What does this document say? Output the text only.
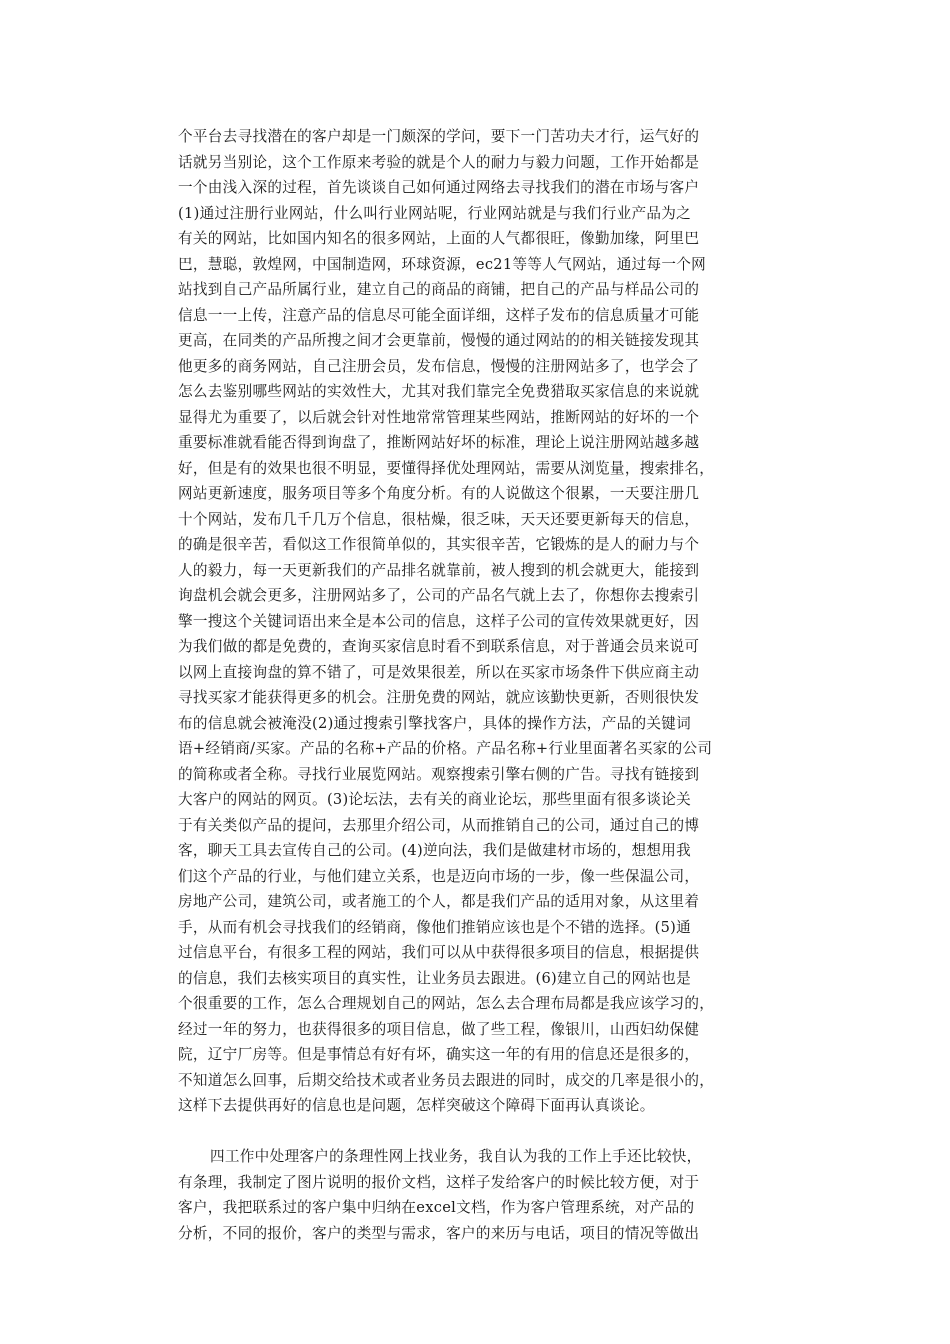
个平台去寻找潜在的客户却是一门颇深的学问，要下一门苦功夫才行，运气好的
话就另当别论，这个工作原来考验的就是个人的耐力与毅力问题，工作开始都是
一个由浅入深的过程，首先谈谈自己如何通过网络去寻找我们的潜在市场与客户
(1)通过注册行业网站，什么叫行业网站呢，行业网站就是与我们行业产品为之
有关的网站，比如国内知名的很多网站，上面的人气都很旺，像勤加缘，阿里巴
巴，慧聪，敦煌网，中国制造网，环球资源，ec21等等人气网站，通过每一个网
站找到自己产品所属行业，建立自己的商品的商铺，把自己的产品与样品公司的
信息一一上传，注意产品的信息尽可能全面详细，这样子发布的信息质量才可能
更高，在同类的产品所搜之间才会更靠前，慢慢的通过网站的的相关链接发现其
他更多的商务网站，自己注册会员，发布信息，慢慢的注册网站多了，也学会了
怎么去鉴别哪些网站的实效性大，尤其对我们靠完全免费猎取买家信息的来说就
显得尤为重要了，以后就会针对性地常常管理某些网站，推断网站的好坏的一个
重要标准就看能否得到询盘了，推断网站好坏的标准，理论上说注册网站越多越
好，但是有的效果也很不明显，要懂得择优处理网站，需要从浏览量，搜索排名，
网站更新速度，服务项目等多个角度分析。有的人说做这个很累，一天要注册几
十个网站，发布几千几万个信息，很枯燥，很乏味，天天还要更新每天的信息，
的确是很辛苦，看似这工作很简单似的，其实很辛苦，它锻炼的是人的耐力与个
人的毅力，每一天更新我们的产品排名就靠前，被人搜到的机会就更大，能接到
询盘机会就会更多，注册网站多了，公司的产品名气就上去了，你想你去搜索引
擎一搜这个关键词语出来全是本公司的信息，这样子公司的宣传效果就更好，因
为我们做的都是免费的，查询买家信息时看不到联系信息，对于普通会员来说可
以网上直接询盘的算不错了，可是效果很差，所以在买家市场条件下供应商主动
寻找买家才能获得更多的机会。注册免费的网站，就应该勤快更新，否则很快发
布的信息就会被淹没(2)通过搜索引擎找客户，具体的操作方法，产品的关键词
语+经销商/买家。产品的名称+产品的价格。产品名称+行业里面著名买家的公司
的简称或者全称。寻找行业展览网站。观察搜索引擎右侧的广告。寻找有链接到
大客户的网站的网页。(3)论坛法，去有关的商业论坛，那些里面有很多谈论关
于有关类似产品的提问，去那里介绍公司，从而推销自己的公司，通过自己的博
客，聊天工具去宣传自己的公司。(4)逆向法，我们是做建材市场的，想想用我
们这个产品的行业，与他们建立关系，也是迈向市场的一步，像一些保温公司，
房地产公司，建筑公司，或者施工的个人，都是我们产品的适用对象，从这里着
手，从而有机会寻找我们的经销商，像他们推销应该也是个不错的选择。(5)通
过信息平台，有很多工程的网站，我们可以从中获得很多项目的信息，根据提供
的信息，我们去核实项目的真实性，让业务员去跟进。(6)建立自己的网站也是
个很重要的工作，怎么合理规划自己的网站，怎么去合理布局都是我应该学习的，
经过一年的努力，也获得很多的项目信息，做了些工程，像银川，山西妇幼保健
院，辽宁厂房等。但是事情总有好有坏，确实这一年的有用的信息还是很多的，
不知道怎么回事，后期交给技术或者业务员去跟进的同时，成交的几率是很小的，
这样下去提供再好的信息也是问题，怎样突破这个障碍下面再认真谈论。
四工作中处理客户的条理性网上找业务，我自认为我的工作上手还比较快，
有条理，我制定了图片说明的报价文档，这样子发给客户的时候比较方便，对于
客户，我把联系过的客户集中归纳在excel文档，作为客户管理系统，对产品的
分析，不同的报价，客户的类型与需求，客户的来历与电话，项目的情况等做出
